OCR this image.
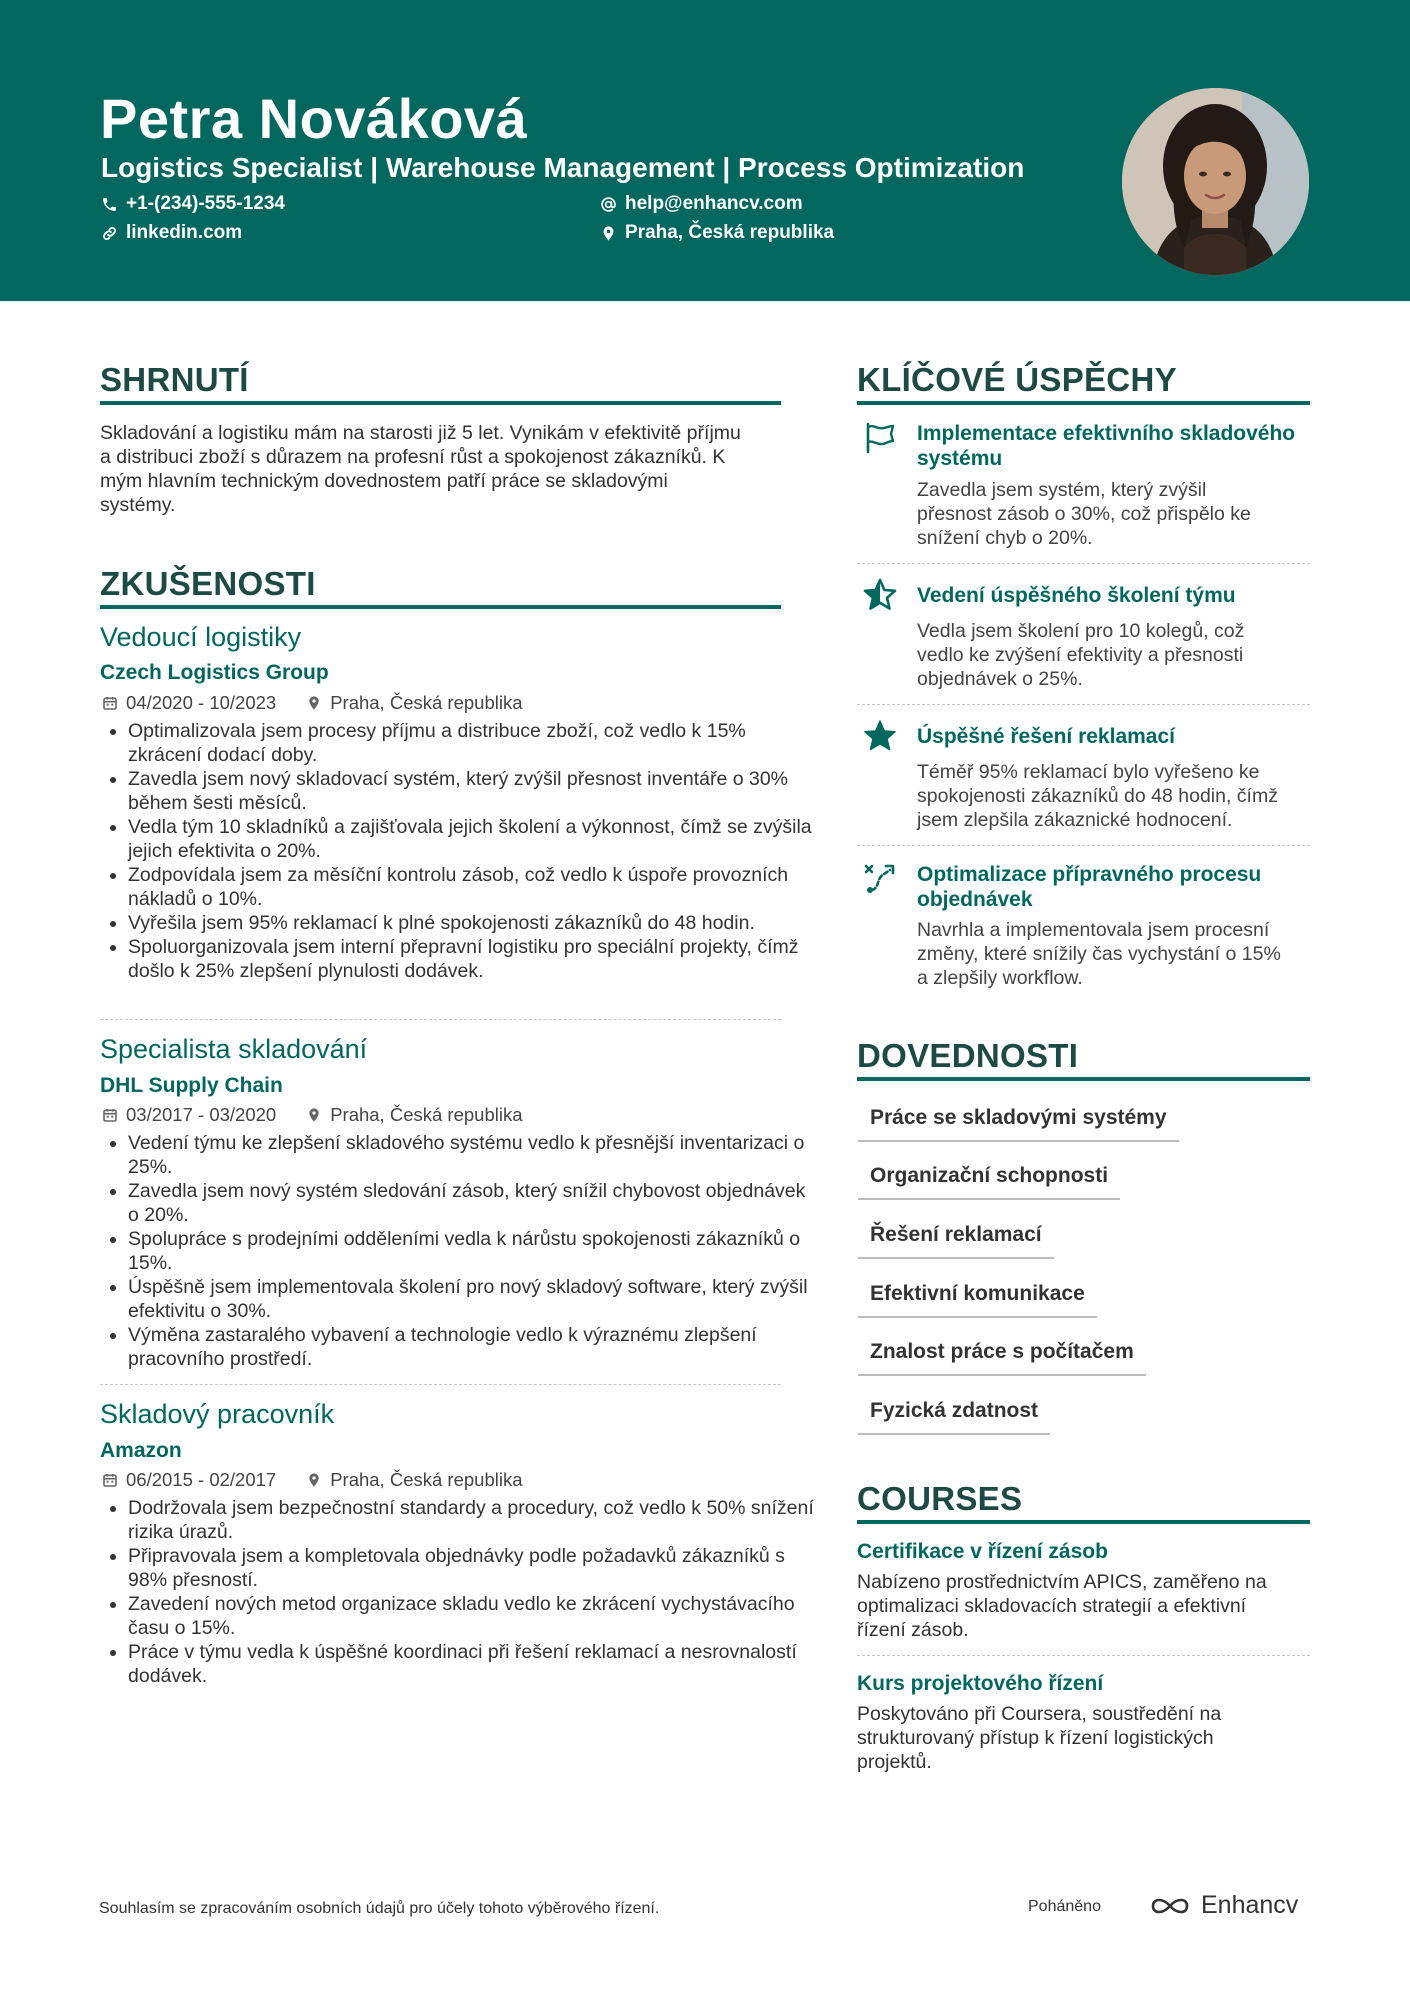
Petra Nováková
Logistics Specialist | Warehouse Management | Process Optimization
+1-(234)-555-1234
linkedin.com
help@enhancv.com
Praha, Česká republika
SHRNUTÍ
Skladování a logistiku mám na starosti již 5 let. Vynikám v efektivitě příjmu
a distribuci zboží s důrazem na profesní růst a spokojenost zákazníků. K
mým hlavním technickým dovednostem patří práce se skladovými
systémy.
ZKUŠENOSTI
Vedoucí logistiky
Czech Logistics Group
04/2020 - 10/2023	Praha, Česká republika
• Optimalizovala jsem procesy příjmu a distribuce zboží, což vedlo k 15% zkrácení dodací doby.
• Zavedla jsem nový skladovací systém, který zvýšil přesnost inventáře o 30% během šesti měsíců.
• Vedla tým 10 skladníků a zajišťovala jejich školení a výkonnost, čímž se zvýšila jejich efektivita o 20%.
• Zodpovídala jsem za měsíční kontrolu zásob, což vedlo k úspoře provozních nákladů o 10%.
• Vyřešila jsem 95% reklamací k plné spokojenosti zákazníků do 48 hodin.
• Spoluorganizovala jsem interní přepravní logistiku pro speciální projekty, čímž došlo k 25% zlepšení plynulosti dodávek.
Specialista skladování
DHL Supply Chain
03/2017 - 03/2020	Praha, Česká republika
• Vedení týmu ke zlepšení skladového systému vedlo k přesnější inventarizaci o 25%.
• Zavedla jsem nový systém sledování zásob, který snížil chybovost objednávek o 20%.
• Spolupráce s prodejními odděleními vedla k nárůstu spokojenosti zákazníků o 15%.
• Úspěšně jsem implementovala školení pro nový skladový software, který zvýšil efektivitu o 30%.
• Výměna zastaralého vybavení a technologie vedlo k výraznému zlepšení pracovního prostředí.
Skladový pracovník
Amazon
06/2015 - 02/2017	Praha, Česká republika
• Dodržovala jsem bezpečnostní standardy a procedury, což vedlo k 50% snížení rizika úrazů.
• Připravovala jsem a kompletovala objednávky podle požadavků zákazníků s 98% přesností.
• Zavedení nových metod organizace skladu vedlo ke zkrácení vychystávacího času o 15%.
• Práce v týmu vedla k úspěšné koordinaci při řešení reklamací a nesrovnalostí dodávek.
KLÍČOVÉ ÚSPĚCHY
Implementace efektivního skladového
systému
Zavedla jsem systém, který zvýšil
přesnost zásob o 30%, což přispělo ke
snížení chyb o 20%.
Vedení úspěšného školení týmu
Vedla jsem školení pro 10 kolegů, což
vedlo ke zvýšení efektivity a přesnosti
objednávek o 25%.
Úspěšné řešení reklamací
Téměř 95% reklamací bylo vyřešeno ke
spokojenosti zákazníků do 48 hodin, čímž
jsem zlepšila zákaznické hodnocení.
Optimalizace přípravného procesu
objednávek
Navrhla a implementovala jsem procesní
změny, které snížily čas vychystání o 15%
a zlepšily workflow.
DOVEDNOSTI
Práce se skladovými systémy
Organizační schopnosti
Řešení reklamací
Efektivní komunikace
Znalost práce s počítačem
Fyzická zdatnost
COURSES
Certifikace v řízení zásob
Nabízeno prostřednictvím APICS, zaměřeno na
optimalizaci skladovacích strategií a efektivní
řízení zásob.
Kurs projektového řízení
Poskytováno při Coursera, soustředění na
strukturovaný přístup k řízení logistických
projektů.
Souhlasím se zpracováním osobních údajů pro účely tohoto výběrového řízení.	Poháněno	Enhancv
